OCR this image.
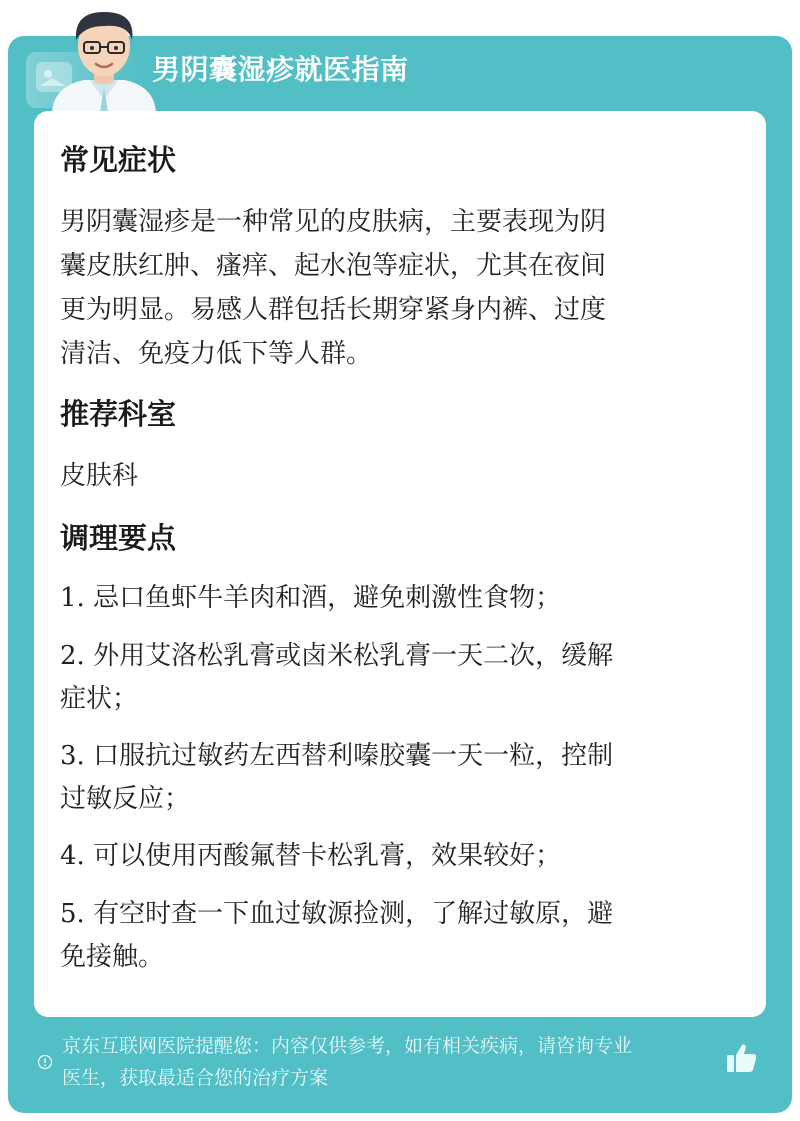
男阴囊湿疹就医指南
常见症状
男阴囊湿疹是一种常见的皮肤病，主要表现为阴
囊皮肤红肿、瘙痒、起水泡等症状，尤其在夜间
更为明显。易感人群包括长期穿紧身内裤、过度
清洁、免疫力低下等人群。
推荐科室
皮肤科
调理要点
1. 忌口鱼虾牛羊肉和酒，避免刺激性食物；
2. 外用艾洛松乳膏或卤米松乳膏一天二次，缓解
症状；
3. 口服抗过敏药左西替利嗪胶囊一天一粒，控制
过敏反应；
4. 可以使用丙酸氟替卡松乳膏，效果较好；
5. 有空时查一下血过敏源捡测，了解过敏原，避
免接触。
京东互联网医院提醒您：内容仅供参考，如有相关疾病，请咨询专业
医生，获取最适合您的治疗方案
